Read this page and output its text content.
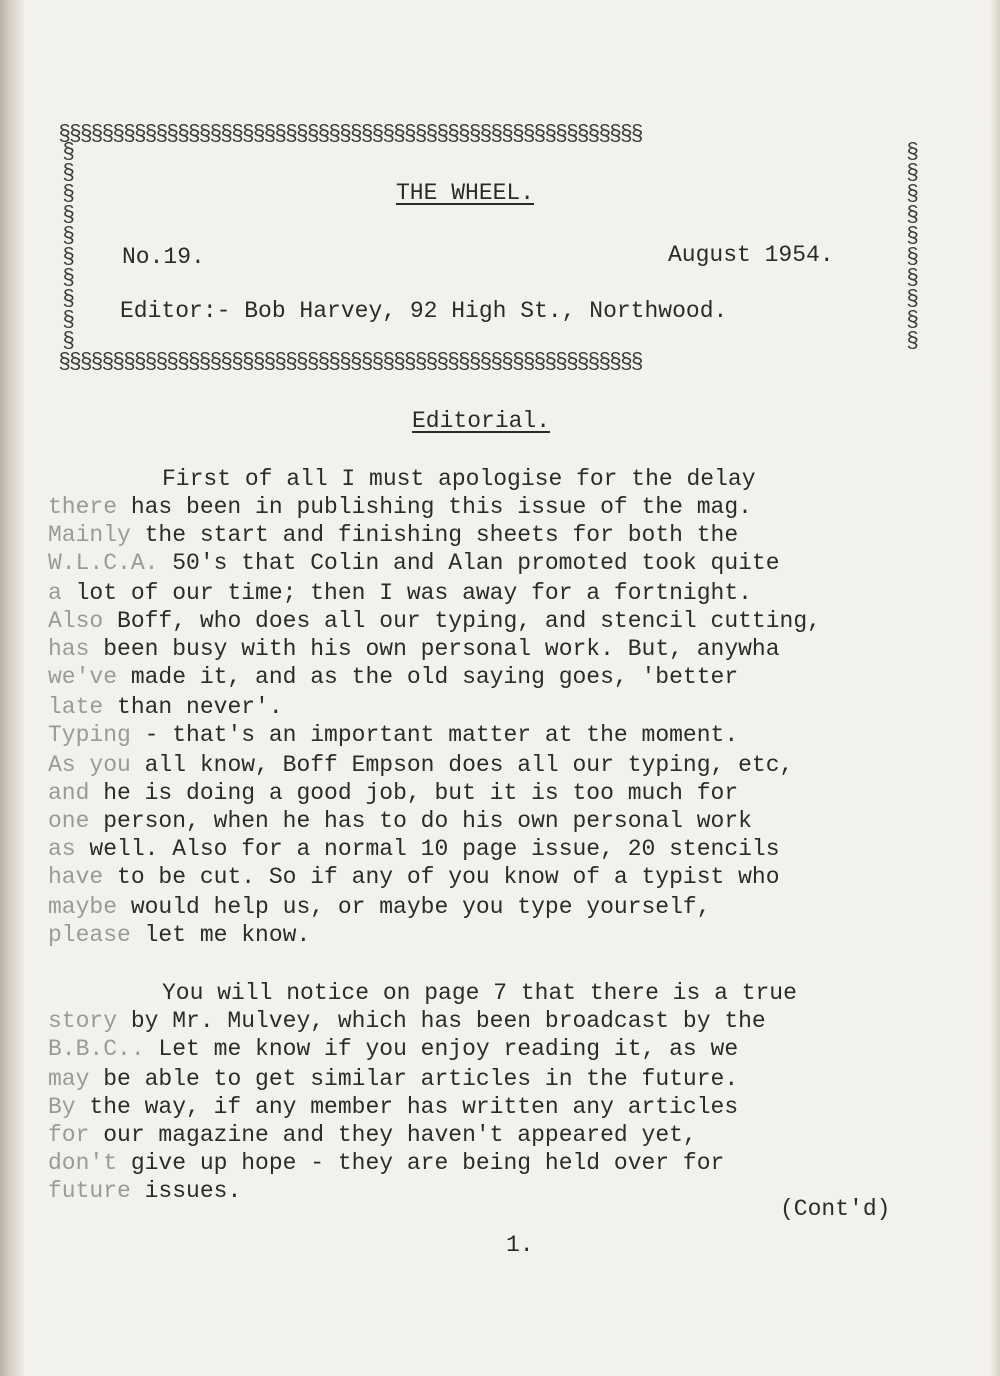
§§§§§§§§§§§§§§§§§§§§§§§§§§§§§§§§§§§§§§§§§§§§§§§§§§§§§§
§§§§§§§§§§§§§§§§§§§§§§§§§§§§§§§§§§§§§§§§§§§§§§§§§§§§§§
§
§
§
§
§
§
§
§
§
§
§
§
§
§
§
§
§
§
§
§
THE WHEEL.
No.19.	August 1954.
Editor:- Bob Harvey, 92 High St., Northwood.
Editorial.
First of all I must apologise for the delay
there has been in publishing this issue of the mag.
Mainly the start and finishing sheets for both the
W.L.C.A. 50's that Colin and Alan promoted took quite
a lot of our time; then I was away for a fortnight.
Also Boff, who does all our typing, and stencil cutting,
has been busy with his own personal work. But, anywha
we've made it, and as the old saying goes, 'better
late than never'.
Typing - that's an important matter at the moment.
As you all know, Boff Empson does all our typing, etc,
and he is doing a good job, but it is too much for
one person, when he has to do his own personal work
as well. Also for a normal 10 page issue, 20 stencils
have to be cut. So if any of you know of a typist who
maybe would help us, or maybe you type yourself,
please let me know.
You will notice on page 7 that there is a true
story by Mr. Mulvey, which has been broadcast by the
B.B.C.. Let me know if you enjoy reading it, as we
may be able to get similar articles in the future.
By the way, if any member has written any articles
for our magazine and they haven't appeared yet,
don't give up hope - they are being held over for
future issues.
(Cont'd)
1.
